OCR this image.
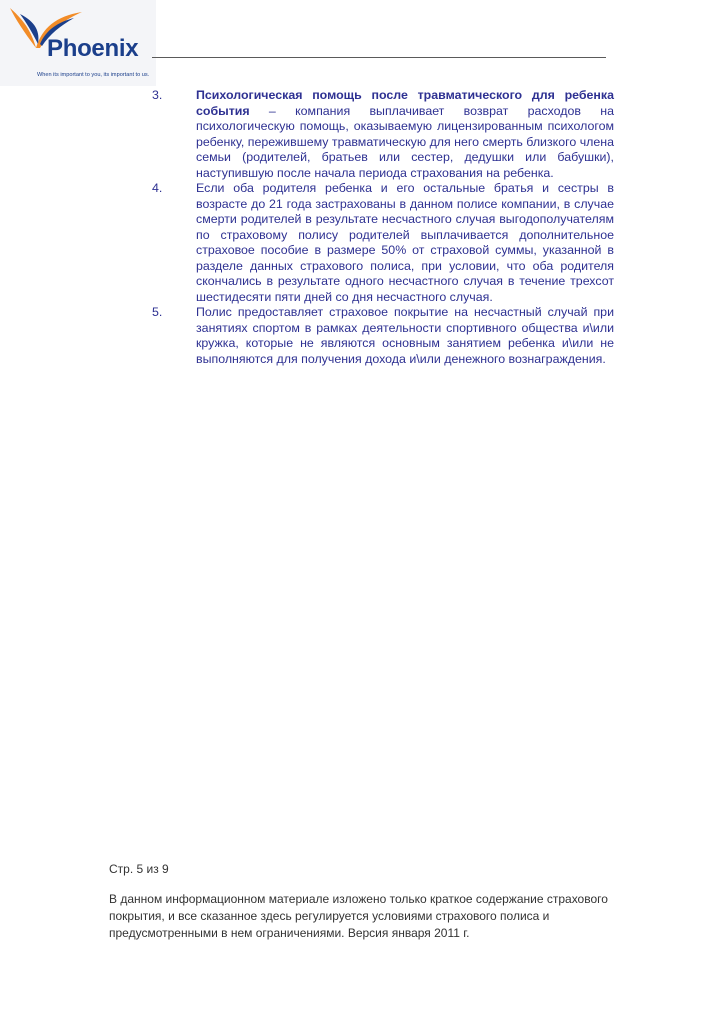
Phoenix
When its important to you, its important to us.
3.	Психологическая помощь после травматического для ребенка события – компания выплачивает возврат расходов на психологическую помощь, оказываемую лицензированным психологом ребенку, пережившему травматическую для него смерть близкого члена семьи (родителей, братьев или сестер, дедушки или бабушки), наступившую после начала периода страхования на ребенка.
4.	Если оба родителя ребенка и его остальные братья и сестры в возрасте до 21 года застрахованы в данном полисе компании, в случае смерти родителей в результате несчастного случая выгодополучателям по страховому полису родителей выплачивается дополнительное страховое пособие в размере 50% от страховой суммы, указанной в разделе данных страхового полиса, при условии, что оба родителя скончались в результате одного несчастного случая в течение трехсот шестидесяти пяти дней со дня несчастного случая.
5.	Полис предоставляет страховое покрытие на несчастный случай при занятиях спортом в рамках деятельности спортивного общества и\или кружка, которые не являются основным занятием ребенка и\или не выполняются для получения дохода и\или денежного вознаграждения.
Стр. 5 из 9
В данном информационном материале изложено только краткое содержание страхового покрытия, и все сказанное здесь регулируется условиями страхового полиса и предусмотренными в нем ограничениями. Версия января 2011 г.
